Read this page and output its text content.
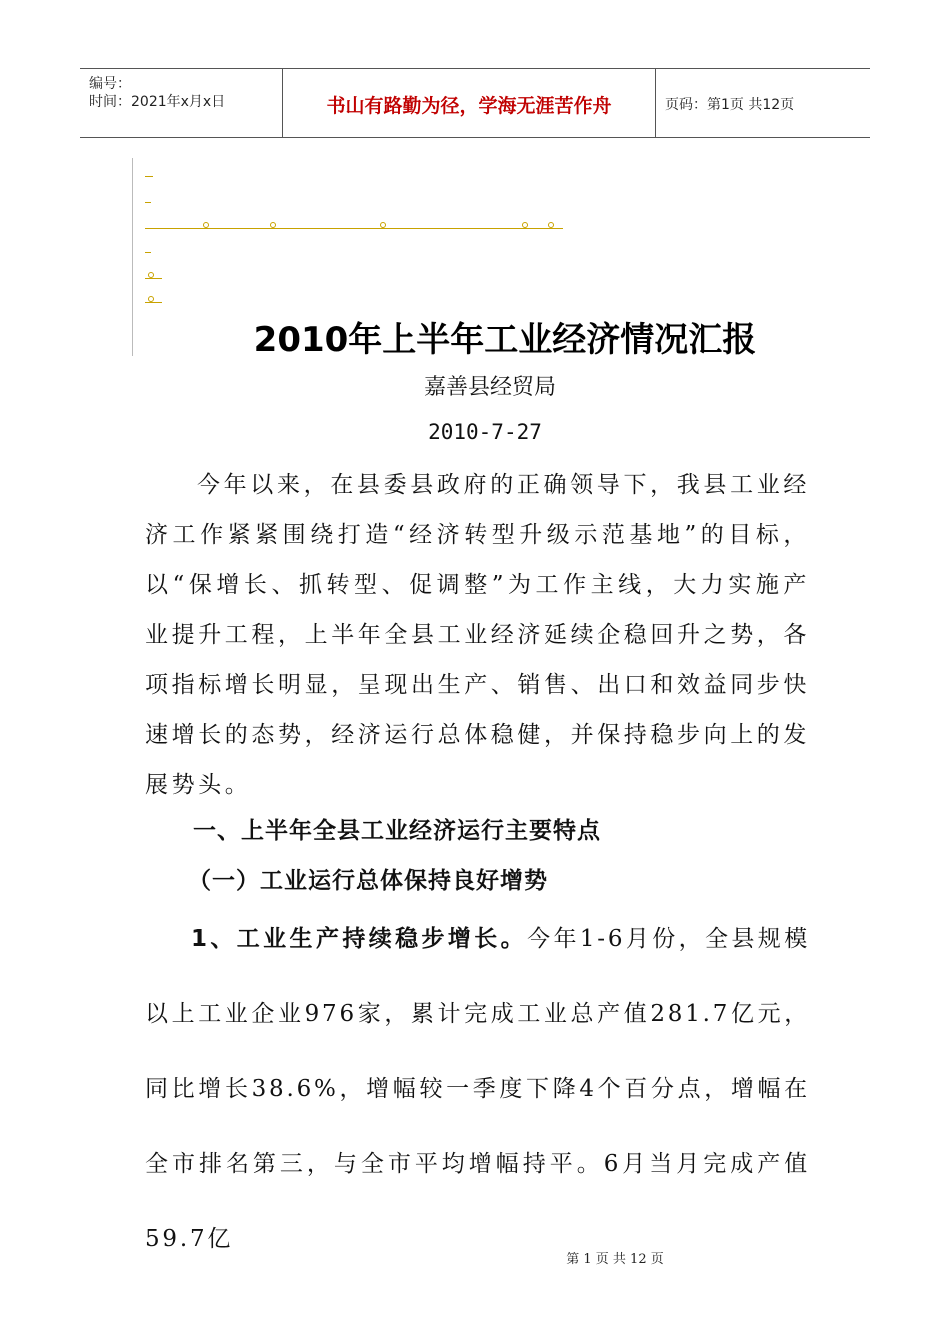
编号：
时间：2021年x月x日	书山有路勤为径，学海无涯苦作舟	页码：第1页 共12页
2010年上半年工业经济情况汇报
嘉善县经贸局
2010-7-27

今年以来，在县委县政府的正确领导下，我县工业经济工作紧紧围绕打造“经济转型升级示范基地”的目标，以“保增长、抓转型、促调整”为工作主线，大力实施产业提升工程，上半年全县工业经济延续企稳回升之势，各项指标增长明显，呈现出生产、销售、出口和效益同步快速增长的态势，经济运行总体稳健，并保持稳步向上的发展势头。

一、上半年全县工业经济运行主要特点
（一）工业运行总体保持良好增势

1、工业生产持续稳步增长。今年1-6月份，全县规模以上工业企业976家，累计完成工业总产值281.7亿元，同比增长38.6%，增幅较一季度下降4个百分点，增幅在全市排名第三，与全市平均增幅持平。6月当月完成产值59.7亿

第 1 页 共 12 页
